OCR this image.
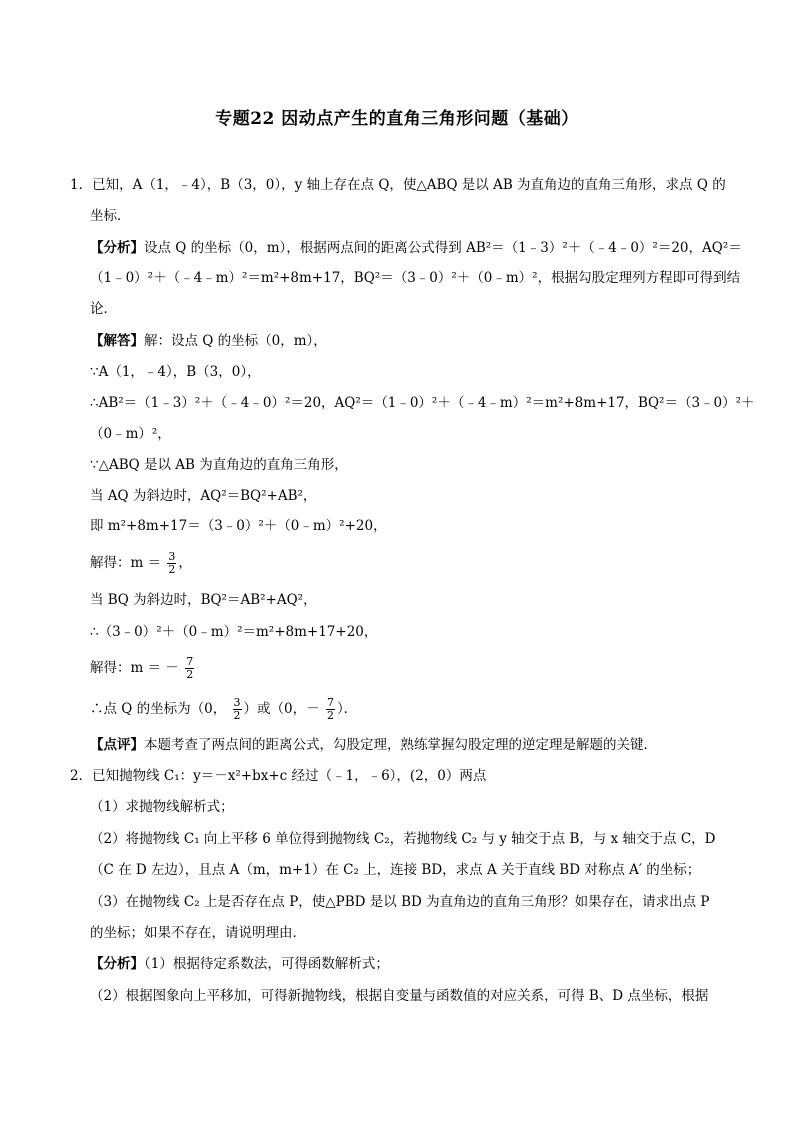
专题22 因动点产生的直角三角形问题（基础）
1．已知，A（1，﹣4），B（3，0），y 轴上存在点 Q，使△ABQ 是以 AB 为直角边的直角三角形，求点 Q 的
坐标．
【分析】设点 Q 的坐标（0，m），根据两点间的距离公式得到 AB²＝（1﹣3）²＋（﹣4﹣0）²＝20，AQ²＝
（1﹣0）²＋（﹣4﹣m）²＝m²+8m+17，BQ²＝（3﹣0）²＋（0﹣m）²，根据勾股定理列方程即可得到结
论．
【解答】解：设点 Q 的坐标（0，m），
∵A（1，﹣4），B（3，0），
∴AB²＝（1﹣3）²＋（﹣4﹣0）²＝20，AQ²＝（1﹣0）²＋（﹣4﹣m）²＝m²+8m+17，BQ²＝（3﹣0）²＋
（0﹣m）²，
∵△ABQ 是以 AB 为直角边的直角三角形，
当 AQ 为斜边时，AQ²＝BQ²+AB²，
即 m²+8m+17＝（3﹣0）²＋（0﹣m）²+20，
解得：$m = \frac{3}{2}$ ，
当 BQ 为斜边时，BQ²＝AB²+AQ²，
∴（3﹣0）²＋（0﹣m）²＝m²+8m+17+20，
解得：m ＝ － $\frac{7}{2}$
∴点 Q 的坐标为（0， $\frac{3}{2}$ ）或（0，－ $\frac{7}{2}$ ）．
【点评】本题考查了两点间的距离公式，勾股定理，熟练掌握勾股定理的逆定理是解题的关键．
2．已知抛物线 C₁：y＝－x²+bx+c 经过（﹣1，﹣6），(2，0）两点
（1）求抛物线解析式；
（2）将抛物线 C₁ 向上平移 6 单位得到抛物线 C₂，若抛物线 C₂ 与 y 轴交于点 B，与 x 轴交于点 C，D
（C 在 D 左边），且点 A（m，m+1）在 C₂ 上，连接 BD，求点 A 关于直线 BD 对称点 A′ 的坐标；
（3）在抛物线 C₂ 上是否存在点 P，使△PBD 是以 BD 为直角边的直角三角形？如果存在，请求出点 P
的坐标；如果不存在，请说明理由．
【分析】（1）根据待定系数法，可得函数解析式；
（2）根据图象向上平移加，可得新抛物线，根据自变量与函数值的对应关系，可得 B、D 点坐标，根据
